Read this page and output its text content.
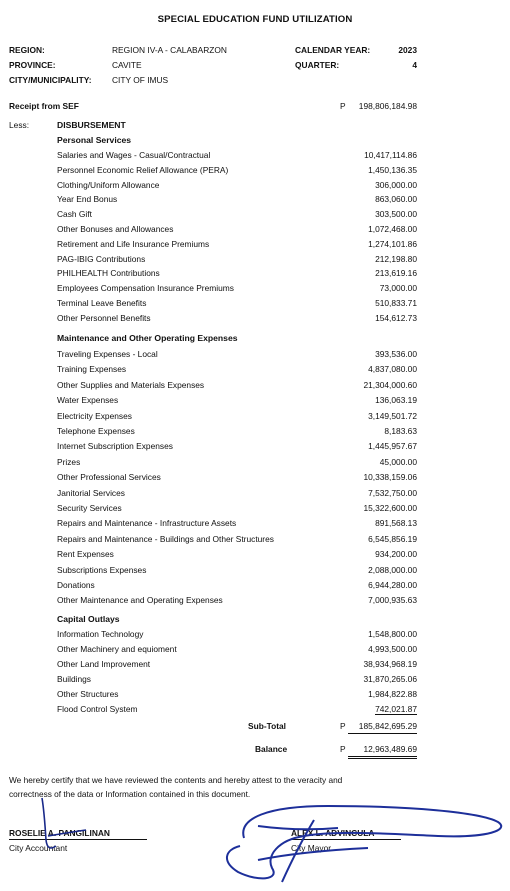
SPECIAL EDUCATION FUND UTILIZATION
REGION:	REGION IV-A - CALABARZON
PROVINCE:	CAVITE
CITY/MUNICIPALITY: CITY OF IMUS
CALENDAR YEAR:	2023
QUARTER:	4
Receipt from SEF	P 198,806,184.98
Less:	DISBURSEMENT
Personal Services
Salaries and Wages - Casual/Contractual	10,417,114.86
Personnel Economic Relief Allowance (PERA)	1,450,136.35
Clothing/Uniform Allowance	306,000.00
Year End Bonus	863,060.00
Cash Gift	303,500.00
Other Bonuses and Allowances	1,072,468.00
Retirement and Life Insurance Premiums	1,274,101.86
PAG-IBIG Contributions	212,198.80
PHILHEALTH Contributions	213,619.16
Employees Compensation Insurance Premiums	73,000.00
Terminal Leave Benefits	510,833.71
Other Personnel Benefits	154,612.73
Maintenance and Other Operating Expenses
Traveling Expenses - Local	393,536.00
Training Expenses	4,837,080.00
Other Supplies and Materials Expenses	21,304,000.60
Water Expenses	136,063.19
Electricity Expenses	3,149,501.72
Telephone Expenses	8,183.63
Internet Subscription Expenses	1,445,957.67
Prizes	45,000.00
Other Professional Services	10,338,159.06
Janitorial Services	7,532,750.00
Security Services	15,322,600.00
Repairs and Maintenance - Infrastructure Assets	891,568.13
Repairs and Maintenance - Buildings and Other Structures	6,545,856.19
Rent Expenses	934,200.00
Subscriptions Expenses	2,088,000.00
Donations	6,944,280.00
Other Maintenance and Operating Expenses	7,000,935.63
Capital Outlays
Information Technology	1,548,800.00
Other Machinery and equioment	4,993,500.00
Other Land Improvement	38,934,968.19
Buildings	31,870,265.06
Other Structures	1,984,822.88
Flood Control System	742,021.87
Sub-Total	P 185,842,695.29
Balance	P 12,963,489.69
We hereby certify that we have reviewed the contents and hereby attest to the veracity and
correctness of the data or Information contained in this document.
ROSELIE A. PANGILINAN
City Accountant
ALEX L. ADVINCULA
City Mayor
